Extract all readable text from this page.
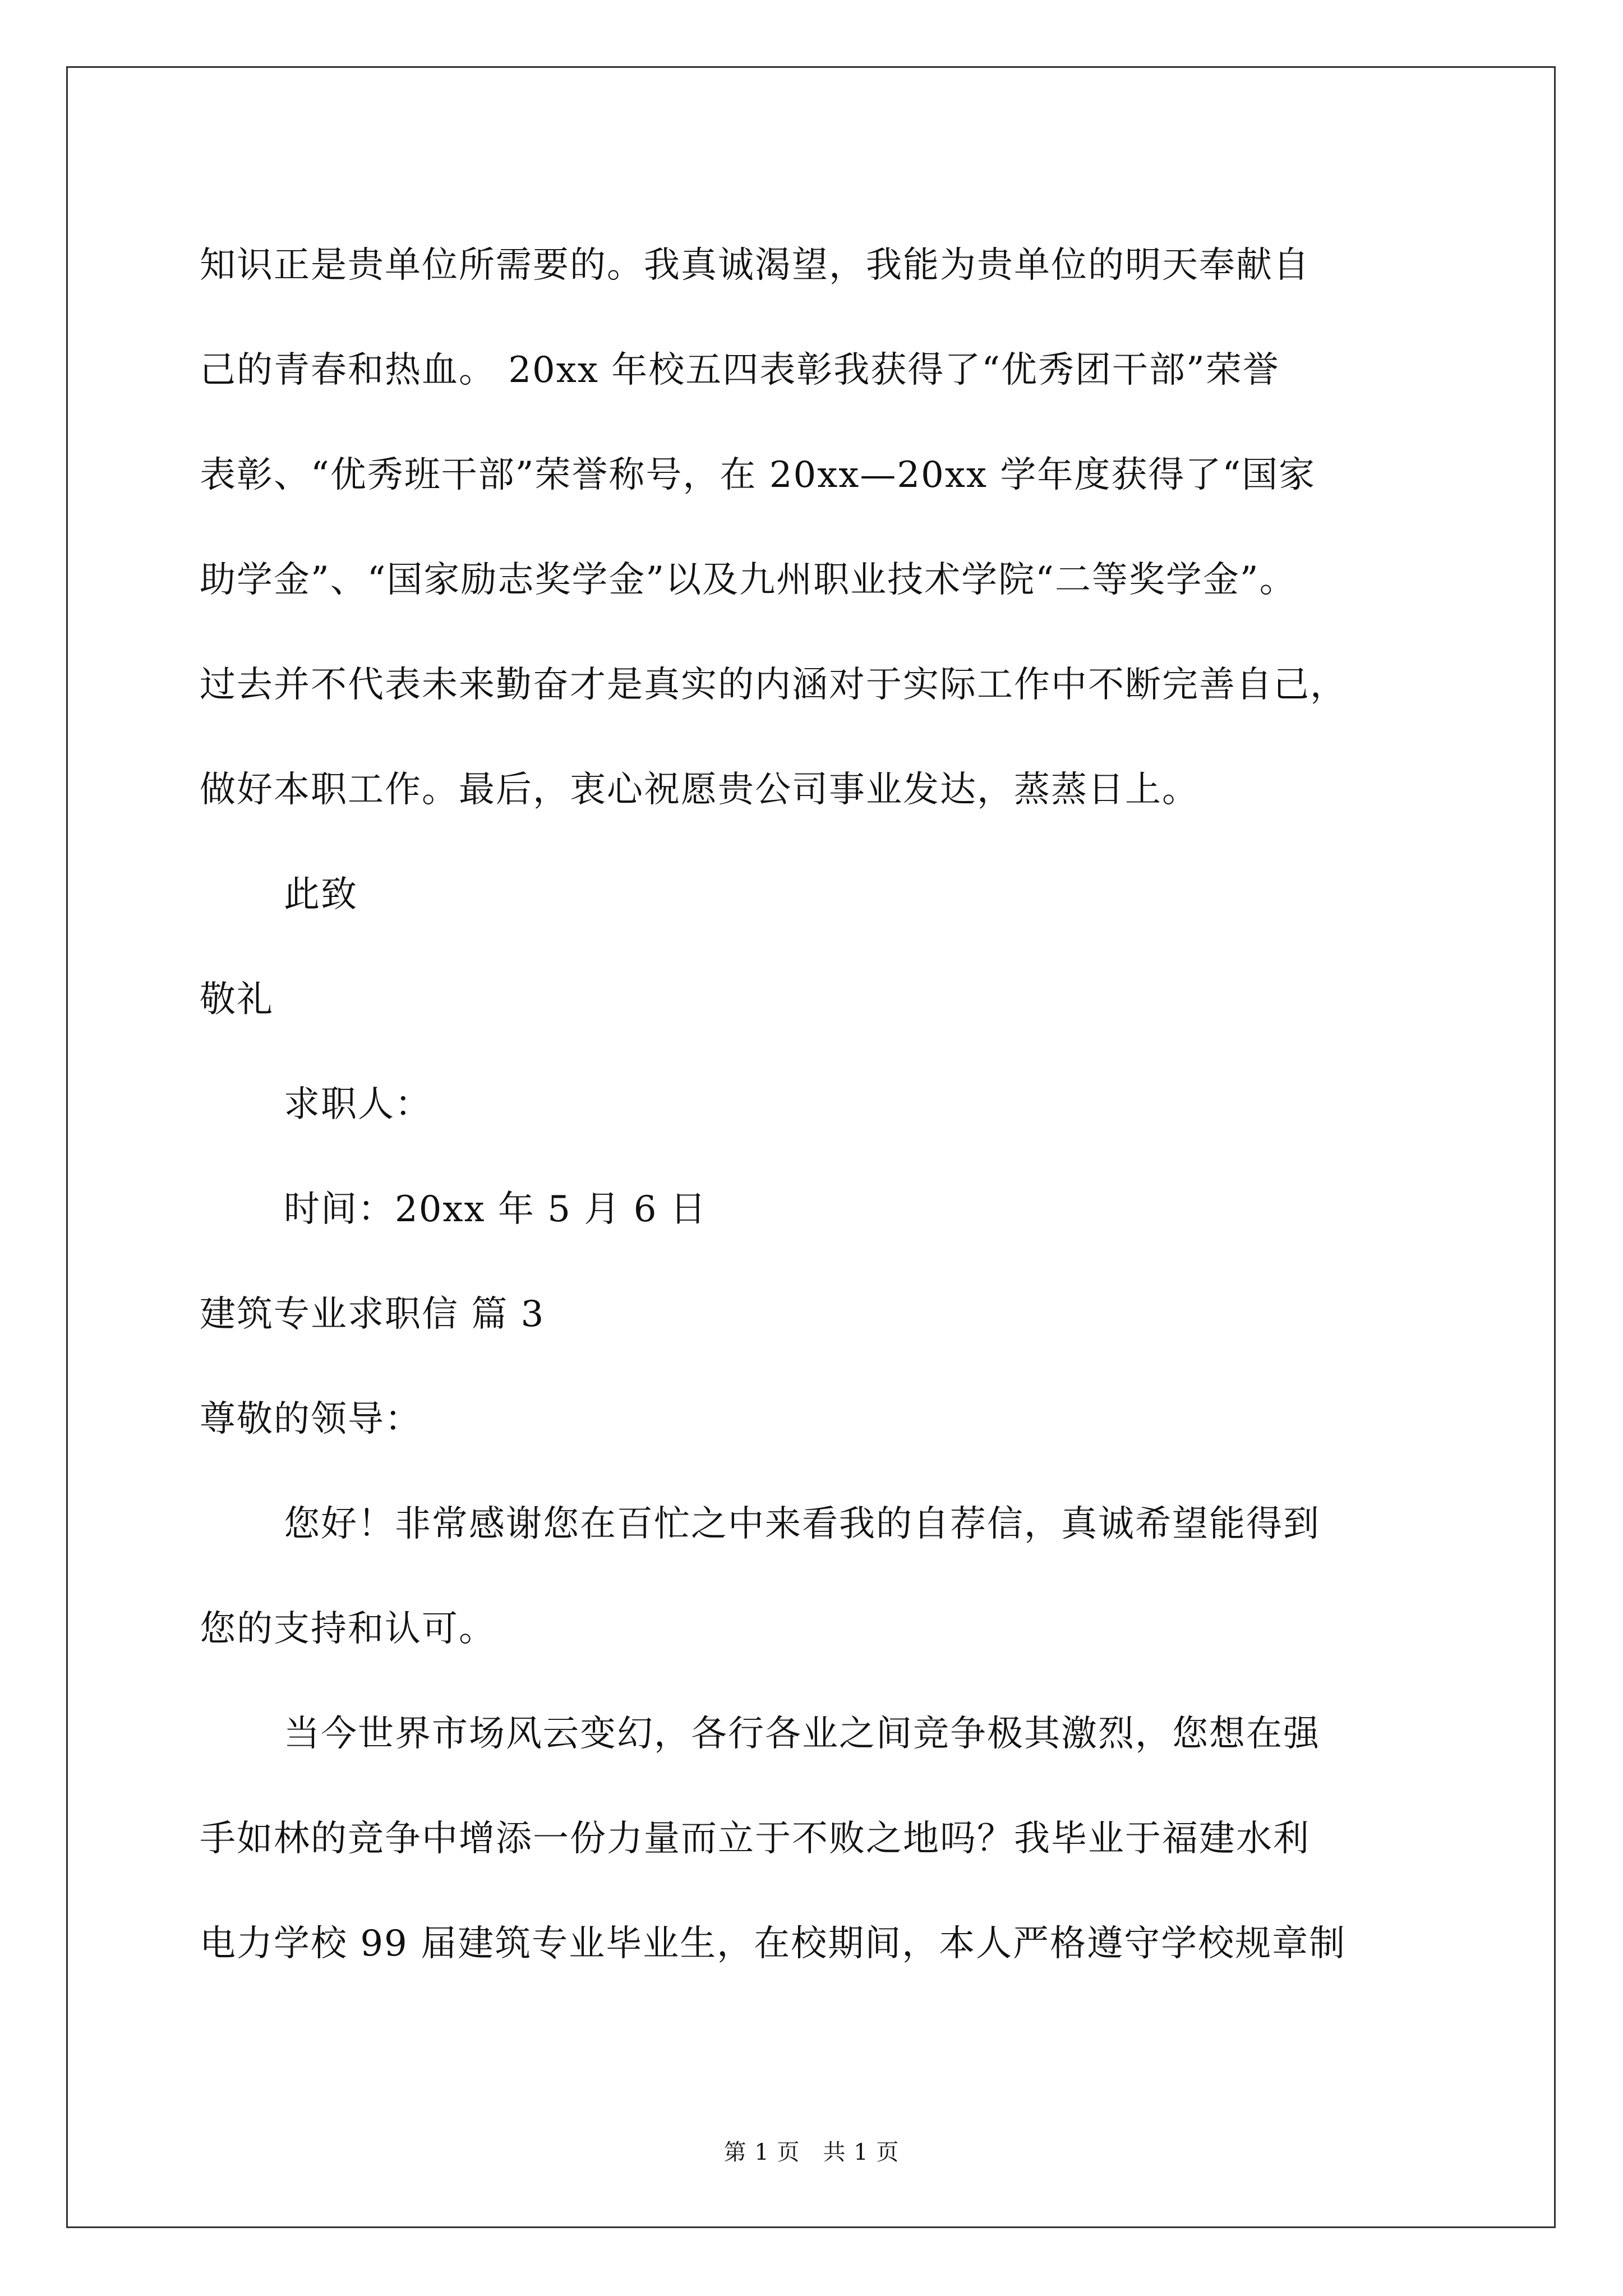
知识正是贵单位所需要的。我真诚渴望，我能为贵单位的明天奉献自
己的青春和热血。 20xx 年校五四表彰我获得了“优秀团干部”荣誉
表彰、“优秀班干部”荣誉称号，在 20xx—20xx 学年度获得了“国家
助学金”、“国家励志奖学金”以及九州职业技术学院“二等奖学金”。
过去并不代表未来勤奋才是真实的内涵对于实际工作中不断完善自己，
做好本职工作。最后，衷心祝愿贵公司事业发达，蒸蒸日上。
此致
敬礼
求职人：
时间：20xx 年 5 月 6 日
建筑专业求职信 篇 3
尊敬的领导：
您好！非常感谢您在百忙之中来看我的自荐信，真诚希望能得到
您的支持和认可。
当今世界市场风云变幻，各行各业之间竞争极其激烈，您想在强
手如林的竞争中增添一份力量而立于不败之地吗？我毕业于福建水利
电力学校 99 届建筑专业毕业生，在校期间，本人严格遵守学校规章制
第 1 页　共 1 页
